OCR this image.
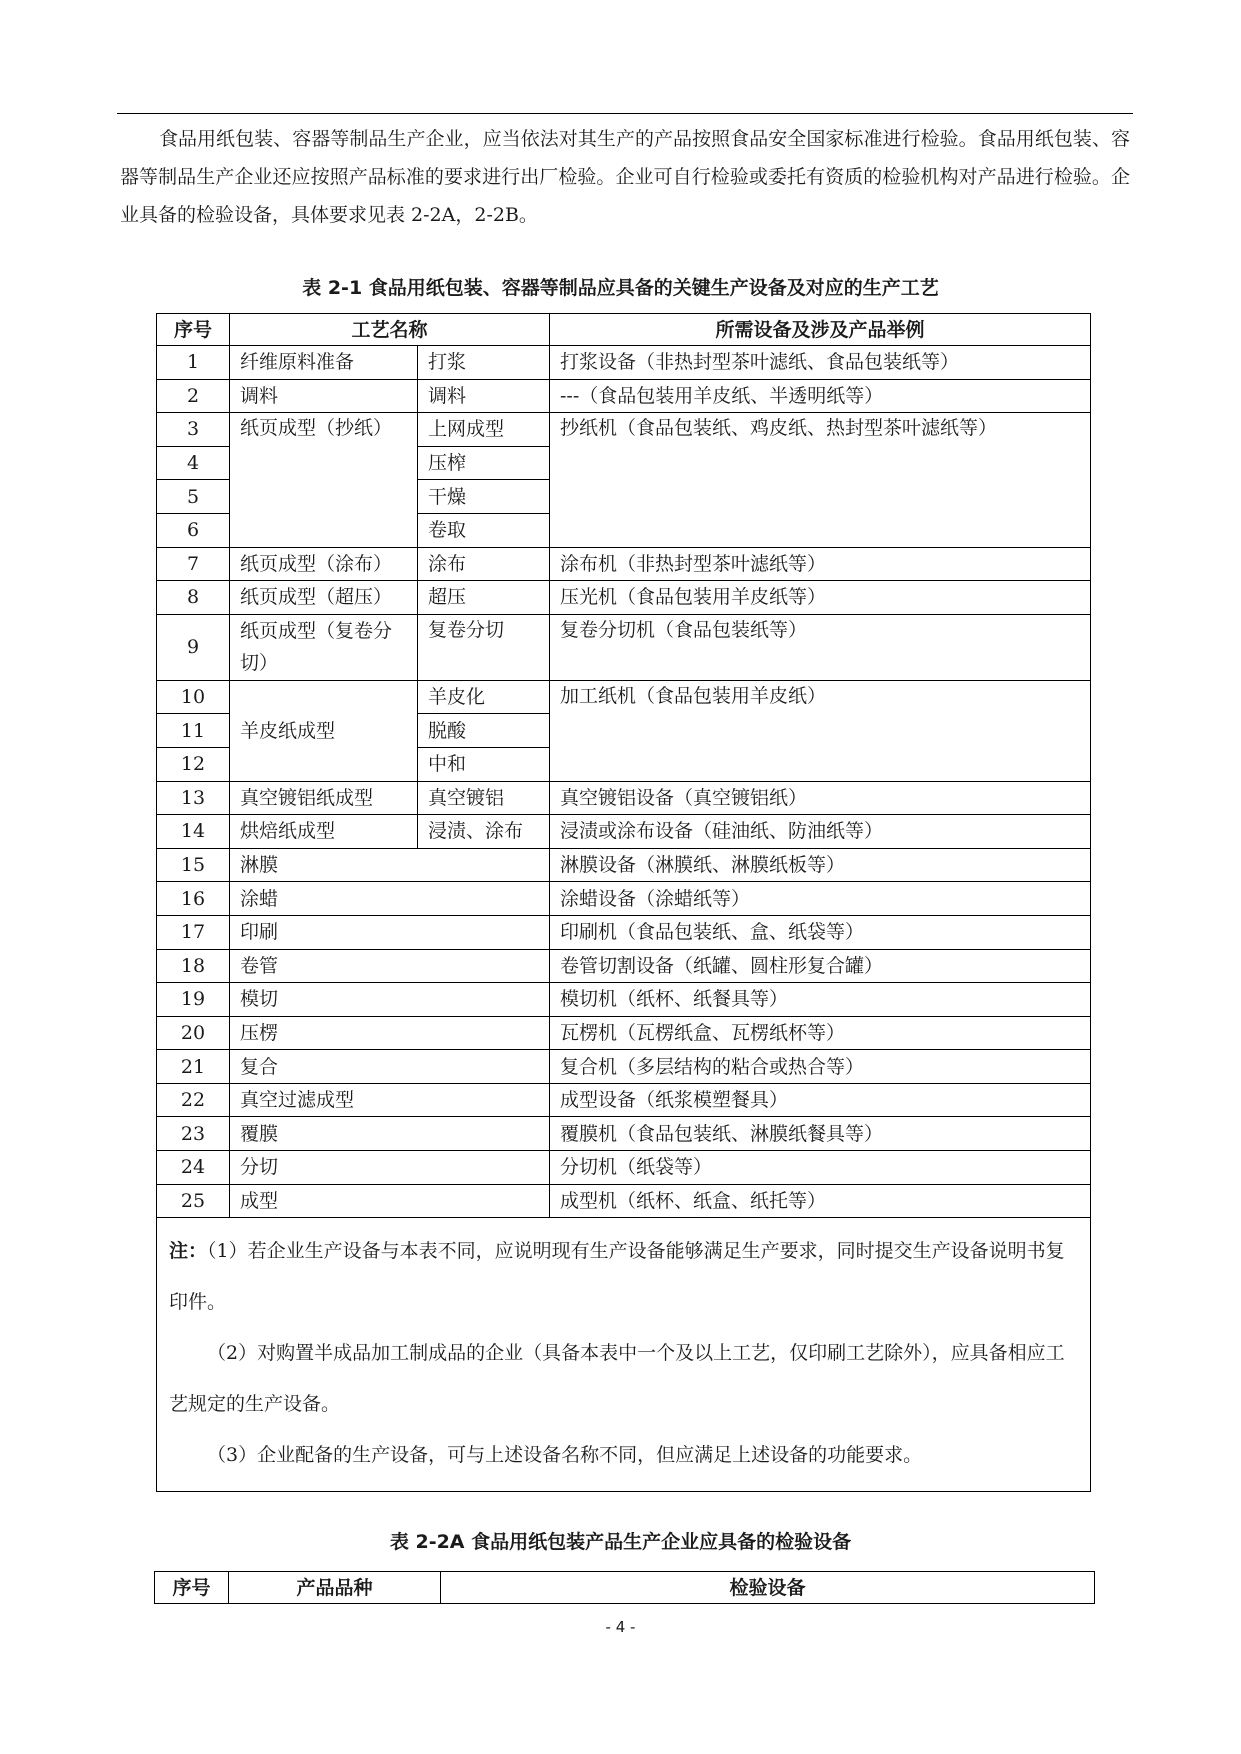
食品用纸包装、容器等制品生产企业，应当依法对其生产的产品按照食品安全国家标准进行检验。食品用纸包装、容器等制品生产企业还应按照产品标准的要求进行出厂检验。企业可自行检验或委托有资质的检验机构对产品进行检验。企业具备的检验设备，具体要求见表 2-2A，2-2B。

表 2-1 食品用纸包装、容器等制品应具备的关键生产设备及对应的生产工艺
序号	工艺名称		所需设备及涉及产品举例
1	纤维原料准备	打浆	打浆设备（非热封型茶叶滤纸、食品包装纸等）
2	调料	调料	---（食品包装用羊皮纸、半透明纸等）
3	纸页成型（抄纸）	上网成型	抄纸机（食品包装纸、鸡皮纸、热封型茶叶滤纸等）
4		压榨	
5		干燥	
6		卷取	
7	纸页成型（涂布）	涂布	涂布机（非热封型茶叶滤纸等）
8	纸页成型（超压）	超压	压光机（食品包装用羊皮纸等）
9	纸页成型（复卷分切）	复卷分切	复卷分切机（食品包装纸等）
10	羊皮纸成型	羊皮化	加工纸机（食品包装用羊皮纸）
11		脱酸	
12		中和	
13	真空镀铝纸成型	真空镀铝	真空镀铝设备（真空镀铝纸）
14	烘焙纸成型	浸渍、涂布	浸渍或涂布设备（硅油纸、防油纸等）
15	淋膜		淋膜设备（淋膜纸、淋膜纸板等）
16	涂蜡		涂蜡设备（涂蜡纸等）
17	印刷		印刷机（食品包装纸、盒、纸袋等）
18	卷管		卷管切割设备（纸罐、圆柱形复合罐）
19	模切		模切机（纸杯、纸餐具等）
20	压楞		瓦楞机（瓦楞纸盒、瓦楞纸杯等）
21	复合		复合机（多层结构的粘合或热合等）
22	真空过滤成型		成型设备（纸浆模塑餐具）
23	覆膜		覆膜机（食品包装纸、淋膜纸餐具等）
24	分切		分切机（纸袋等）
25	成型		成型机（纸杯、纸盒、纸托等）
注：（1）若企业生产设备与本表不同，应说明现有生产设备能够满足生产要求，同时提交生产设备说明书复印件。
（2）对购置半成品加工制成品的企业（具备本表中一个及以上工艺，仅印刷工艺除外），应具备相应工艺规定的生产设备。
（3）企业配备的生产设备，可与上述设备名称不同，但应满足上述设备的功能要求。			
表 2-2A 食品用纸包装产品生产企业应具备的检验设备
序号	产品品种	检验设备
- 4 -
